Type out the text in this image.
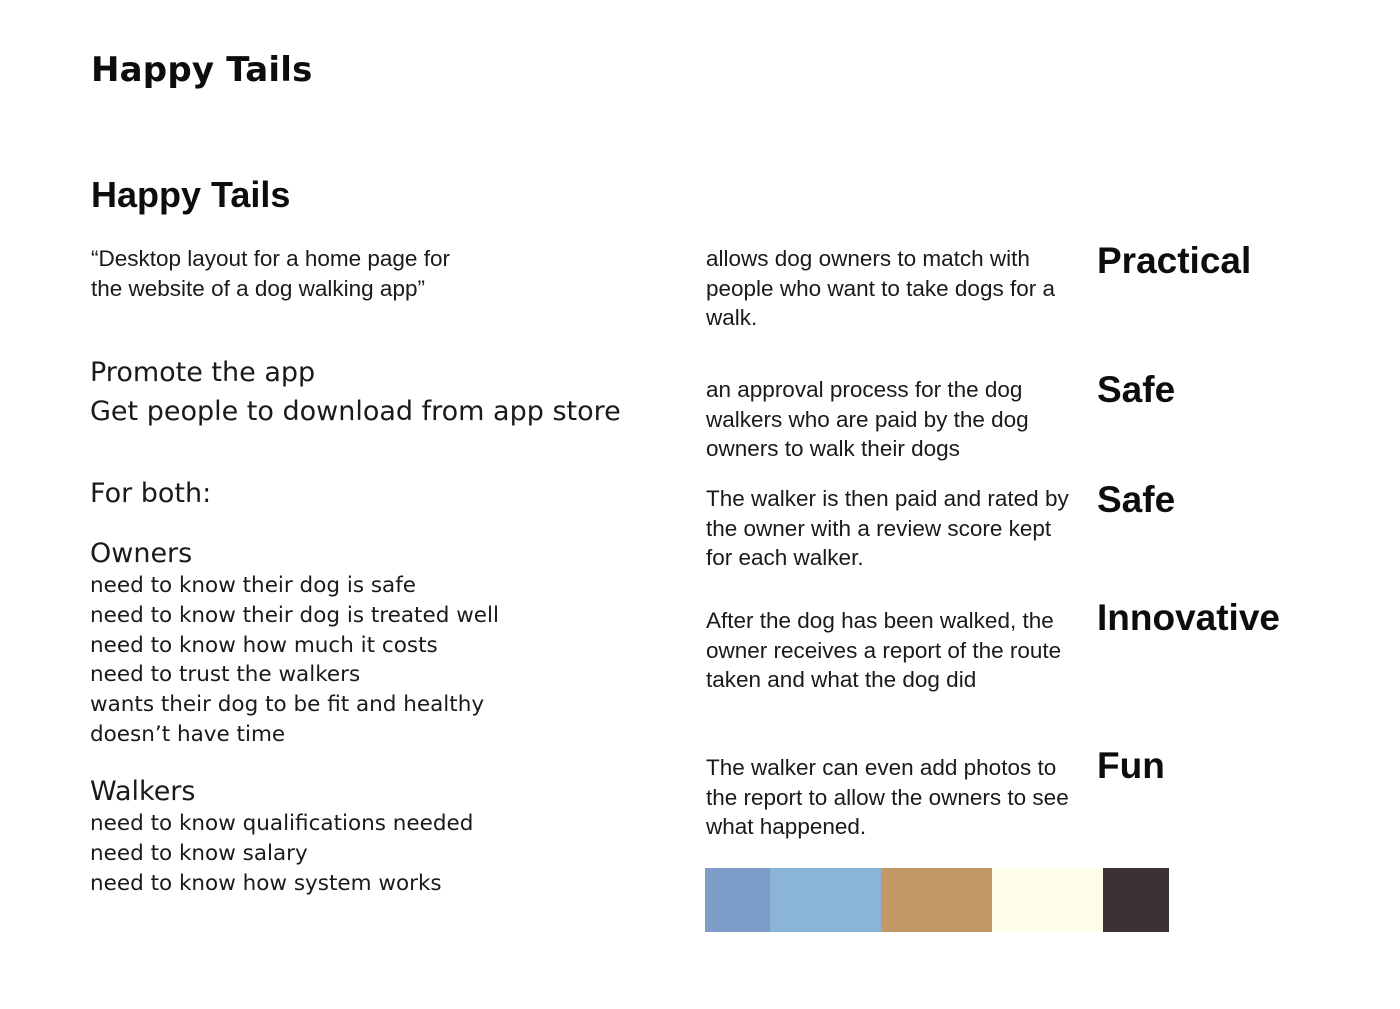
Happy Tails
Happy Tails

“Desktop layout for a home page for the website of a dog walking app”

Promote the app
Get people to download from app store
For both:
Owners
need to know their dog is safe
need to know their dog is treated well
need to know how much it costs
need to trust the walkers
wants their dog to be fit and healthy
doesn’t have time
Walkers
need to know qualifications needed
need to know salary
need to know how system works

allows dog owners to match with people who want to take dogs for a walk.

Practical

an approval process for the dog walkers who are paid by the dog owners to walk their dogs

Safe

The walker is then paid and rated by the owner with a review score kept for each walker.

Safe

After the dog has been walked, the owner receives a report of the route taken and what the dog did

Innovative

The walker can even add photos to the report to allow the owners to see what happened.

Fun
